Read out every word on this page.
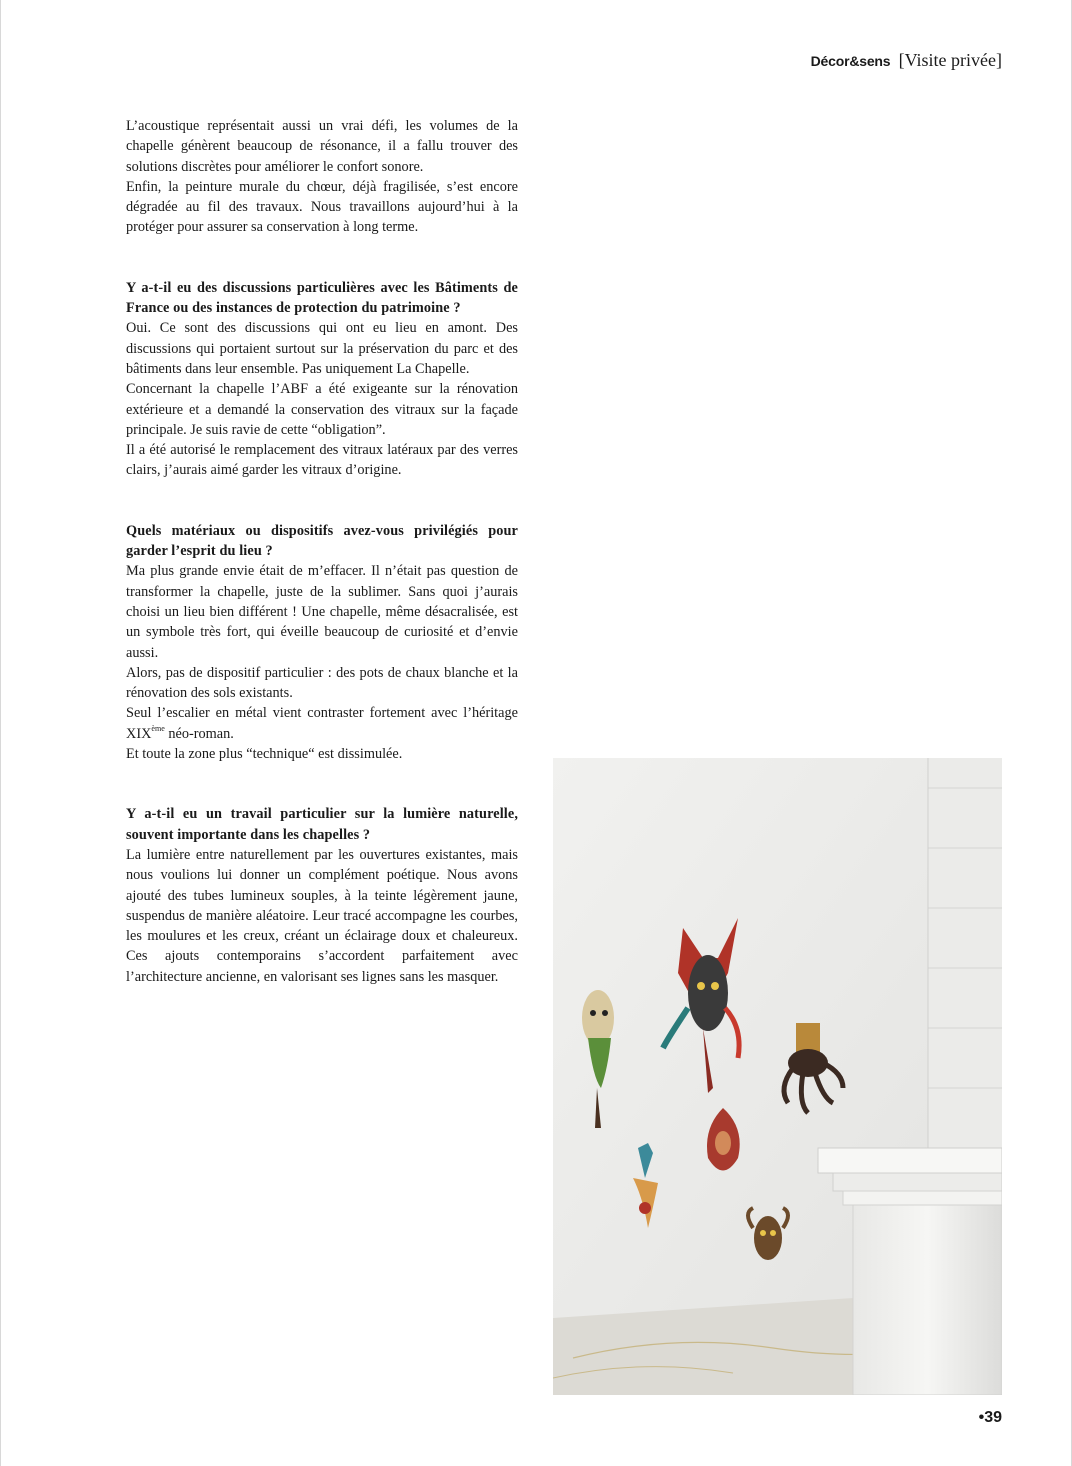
Décor&sens [Visite privée]

L’acoustique représentait aussi un vrai défi, les volumes de la chapelle génèrent beaucoup de résonance, il a fallu trouver des solutions discrètes pour améliorer le confort sonore.

Enfin, la peinture murale du chœur, déjà fragilisée, s’est encore dégradée au fil des travaux. Nous travaillons aujourd’hui à la protéger pour assurer sa conservation à long terme.

Y a-t-il eu des discussions particulières avec les Bâtiments de France ou des instances de protection du patrimoine ?

Oui. Ce sont des discussions qui ont eu lieu en amont. Des discussions qui portaient surtout sur la préservation du parc et des bâtiments dans leur ensemble. Pas uniquement La Chapelle.

Concernant la chapelle l’ABF a été exigeante sur la rénovation extérieure et a demandé la conservation des vitraux sur la façade principale. Je suis ravie de cette “obligation”.

Il a été autorisé le remplacement des vitraux latéraux par des verres clairs, j’aurais aimé garder les vitraux d’origine.

Quels matériaux ou dispositifs avez-vous privilégiés pour garder l’esprit du lieu ?

Ma plus grande envie était de m’effacer. Il n’était pas question de transformer la chapelle, juste de la sublimer. Sans quoi j’aurais choisi un lieu bien différent ! Une chapelle, même désacralisée, est un symbole très fort, qui éveille beaucoup de curiosité et d’envie aussi.

Alors, pas de dispositif particulier : des pots de chaux blanche et la rénovation des sols existants.

Seul l’escalier en métal vient contraster fortement avec l’héritage XIXème néo-roman.

Et toute la zone plus “technique“ est dissimulée.

Y a-t-il eu un travail particulier sur la lumière naturelle, souvent importante dans les chapelles ?

La lumière entre naturellement par les ouvertures existantes, mais nous voulions lui donner un complément poétique. Nous avons ajouté des tubes lumineux souples, à la teinte légèrement jaune, suspendus de manière aléatoire. Leur tracé accompagne les courbes, les moulures et les creux, créant un éclairage doux et chaleureux. Ces ajouts contemporains s’accordent parfaitement avec l’architecture ancienne, en valorisant ses lignes sans les masquer.

•39
